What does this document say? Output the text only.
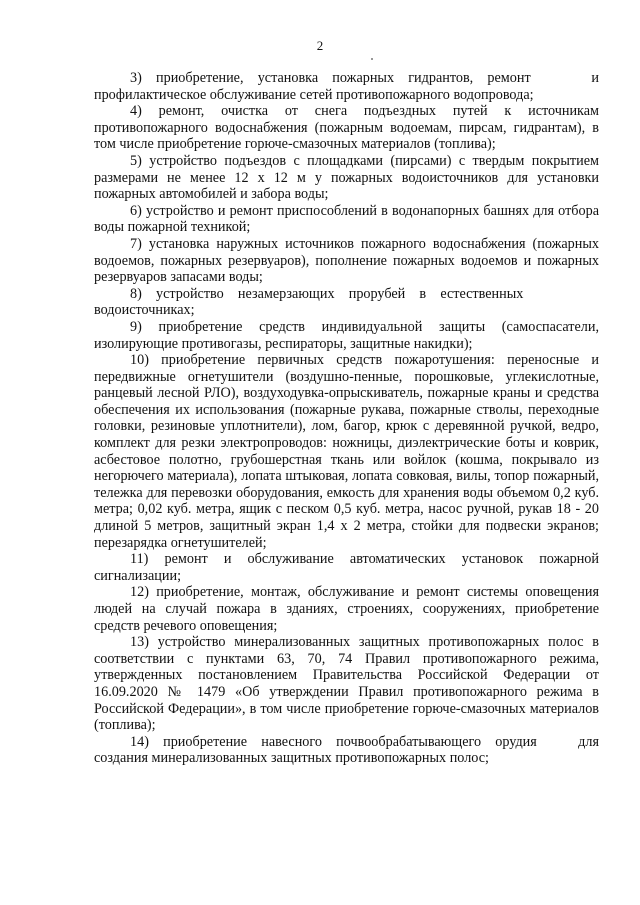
2

3) приобретение, установка пожарных гидрантов, ремонт и профилактическое обслуживание сетей противопожарного водопровода;

4) ремонт, очистка от снега подъездных путей к источникам противопожарного водоснабжения (пожарным водоемам, пирсам, гидрантам), в том числе приобретение горюче-смазочных материалов (топлива);

5) устройство подъездов с площадками (пирсами) с твердым покрытием размерами не менее 12 х 12 м у пожарных водоисточников для установки пожарных автомобилей и забора воды;

6) устройство и ремонт приспособлений в водонапорных башнях для отбора воды пожарной техникой;

7) установка наружных источников пожарного водоснабжения (пожарных водоемов, пожарных резервуаров), пополнение пожарных водоемов и пожарных резервуаров запасами воды;

8) устройство незамерзающих прорубей в естественных водоисточниках;

9) приобретение средств индивидуальной защиты (самоспасатели, изолирующие противогазы, респираторы, защитные накидки);

10) приобретение первичных средств пожаротушения: переносные и передвижные огнетушители (воздушно-пенные, порошковые, углекислотные, ранцевый лесной РЛО), воздуходувка-опрыскиватель, пожарные краны и средства обеспечения их использования (пожарные рукава, пожарные стволы, переходные головки, резиновые уплотнители), лом, багор, крюк с деревянной ручкой, ведро, комплект для резки электропроводов: ножницы, диэлектрические боты и коврик, асбестовое полотно, грубошерстная ткань или войлок (кошма, покрывало из негорючего материала), лопата штыковая, лопата совковая, вилы, топор пожарный, тележка для перевозки оборудования, емкость для хранения воды объемом 0,2 куб. метра; 0,02 куб. метра, ящик с песком 0,5 куб. метра, насос ручной, рукав 18 - 20 длиной 5 метров, защитный экран 1,4 х 2 метра, стойки для подвески экранов; перезарядка огнетушителей;

11) ремонт и обслуживание автоматических установок пожарной сигнализации;

12) приобретение, монтаж, обслуживание и ремонт системы оповещения людей на случай пожара в зданиях, строениях, сооружениях, приобретение средств речевого оповещения;

13) устройство минерализованных защитных противопожарных полос в соответствии с пунктами 63, 70, 74 Правил противопожарного режима, утвержденных постановлением Правительства Российской Федерации от 16.09.2020 № 1479 «Об утверждении Правил противопожарного режима в Российской Федерации», в том числе приобретение горюче-смазочных материалов (топлива);

14) приобретение навесного почвообрабатывающего орудия для создания минерализованных защитных противопожарных полос;
